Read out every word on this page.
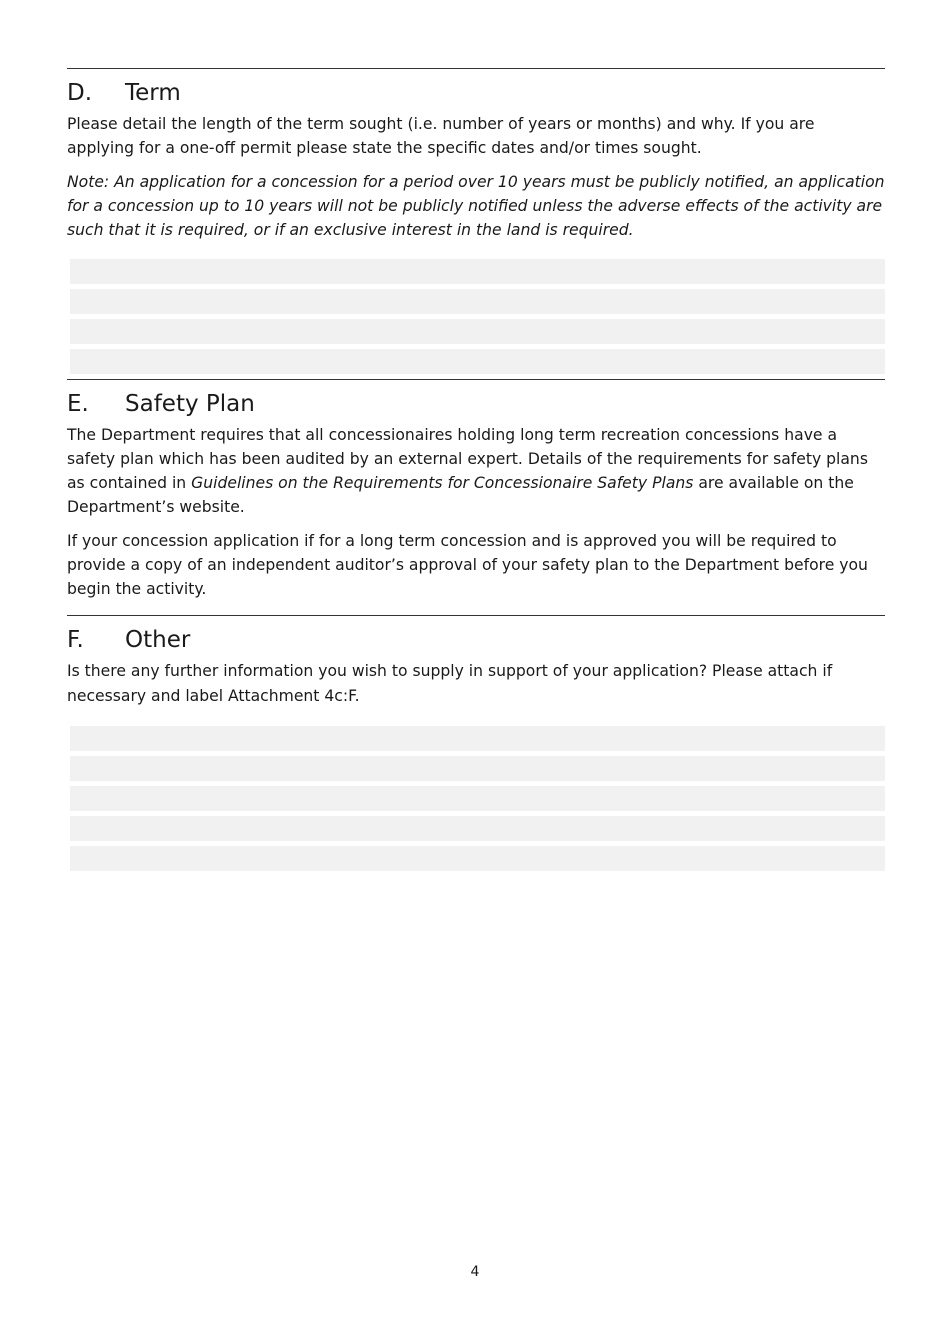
D.	Term

Please detail the length of the term sought (i.e. number of years or months) and why. If you are applying for a one-off permit please state the specific dates and/or times sought.

Note: An application for a concession for a period over 10 years must be publicly notified, an application for a concession up to 10 years will not be publicly notified unless the adverse effects of the activity are such that it is required, or if an exclusive interest in the land is required.

E.	Safety Plan

The Department requires that all concessionaires holding long term recreation concessions have a safety plan which has been audited by an external expert. Details of the requirements for safety plans as contained in Guidelines on the Requirements for Concessionaire Safety Plans are available on the Department’s website.

If your concession application if for a long term concession and is approved you will be required to provide a copy of an independent auditor’s approval of your safety plan to the Department before you begin the activity.

F.	Other

Is there any further information you wish to supply in support of your application? Please attach if necessary and label Attachment 4c:F.

4
